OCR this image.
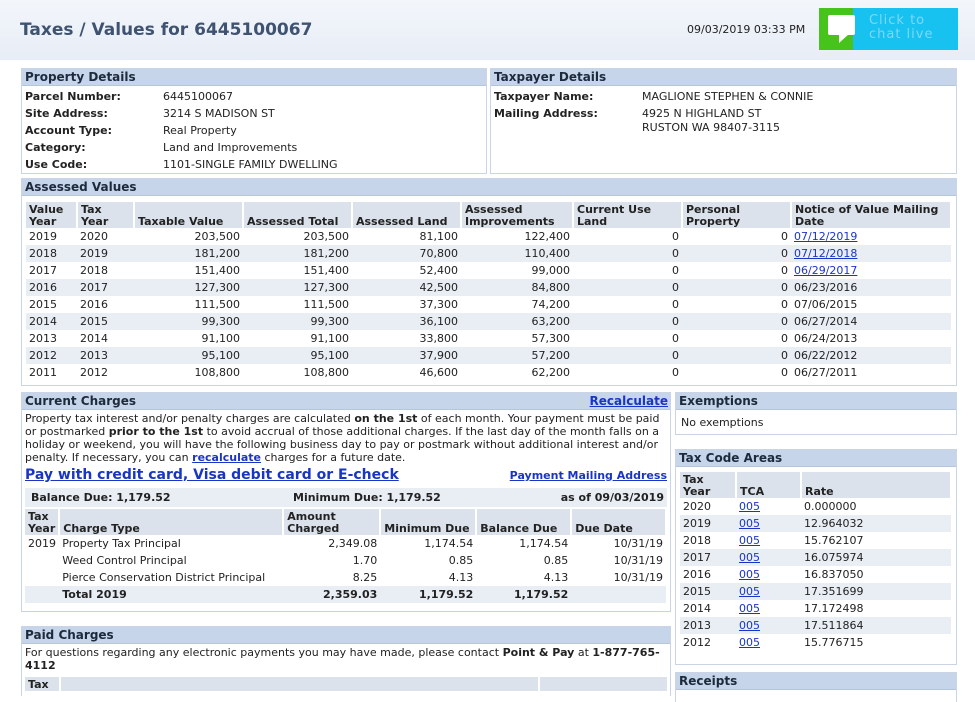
Taxes / Values for 6445100067	09/03/2019 03:33 PM
Click to chat live
Property Details
Parcel Number:	6445100067
Site Address:	3214 S MADISON ST
Account Type:	Real Property
Category:	Land and Improvements
Use Code:	1101-SINGLE FAMILY DWELLING
Taxpayer Details
Taxpayer Name:	MAGLIONE STEPHEN & CONNIE
Mailing Address:	4925 N HIGHLAND ST
	RUSTON WA 98407-3115
Assessed Values
Value Year	Tax Year	Taxable Value	Assessed Total	Assessed Land	Assessed Improvements	Current Use Land	Personal Property	Notice of Value Mailing Date
2019	2020	203,500	203,500	81,100	122,400	0	0	07/12/2019
2018	2019	181,200	181,200	70,800	110,400	0	0	07/12/2018
2017	2018	151,400	151,400	52,400	99,000	0	0	06/29/2017
2016	2017	127,300	127,300	42,500	84,800	0	0	06/23/2016
2015	2016	111,500	111,500	37,300	74,200	0	0	07/06/2015
2014	2015	99,300	99,300	36,100	63,200	0	0	06/27/2014
2013	2014	91,100	91,100	33,800	57,300	0	0	06/24/2013
2012	2013	95,100	95,100	37,900	57,200	0	0	06/22/2012
2011	2012	108,800	108,800	46,600	62,200	0	0	06/27/2011
Current Charges	Recalculate
Property tax interest and/or penalty charges are calculated on the 1st of each month. Your payment must be paid or postmarked prior to the 1st to avoid accrual of those additional charges. If the last day of the month falls on a holiday or weekend, you will have the following business day to pay or postmark without additional interest and/or penalty. If necessary, you can recalculate charges for a future date.
Pay with credit card, Visa debit card or E-check	Payment Mailing Address
Balance Due: 1,179.52	Minimum Due: 1,179.52	as of 09/03/2019
Tax Year	Charge Type	Amount Charged	Minimum Due	Balance Due	Due Date
2019	Property Tax Principal	2,349.08	1,174.54	1,174.54	10/31/19
	Weed Control Principal	1.70	0.85	0.85	10/31/19
	Pierce Conservation District Principal	8.25	4.13	4.13	10/31/19
	Total 2019	2,359.03	1,179.52	1,179.52	
Paid Charges
For questions regarding any electronic payments you may have made, please contact Point & Pay at 1-877-765-4112
Tax
Exemptions
No exemptions
Tax Code Areas
Tax Year	TCA	Rate
2020	005	0.000000
2019	005	12.964032
2018	005	15.762107
2017	005	16.075974
2016	005	16.837050
2015	005	17.351699
2014	005	17.172498
2013	005	17.511864
2012	005	15.776715
Receipts
